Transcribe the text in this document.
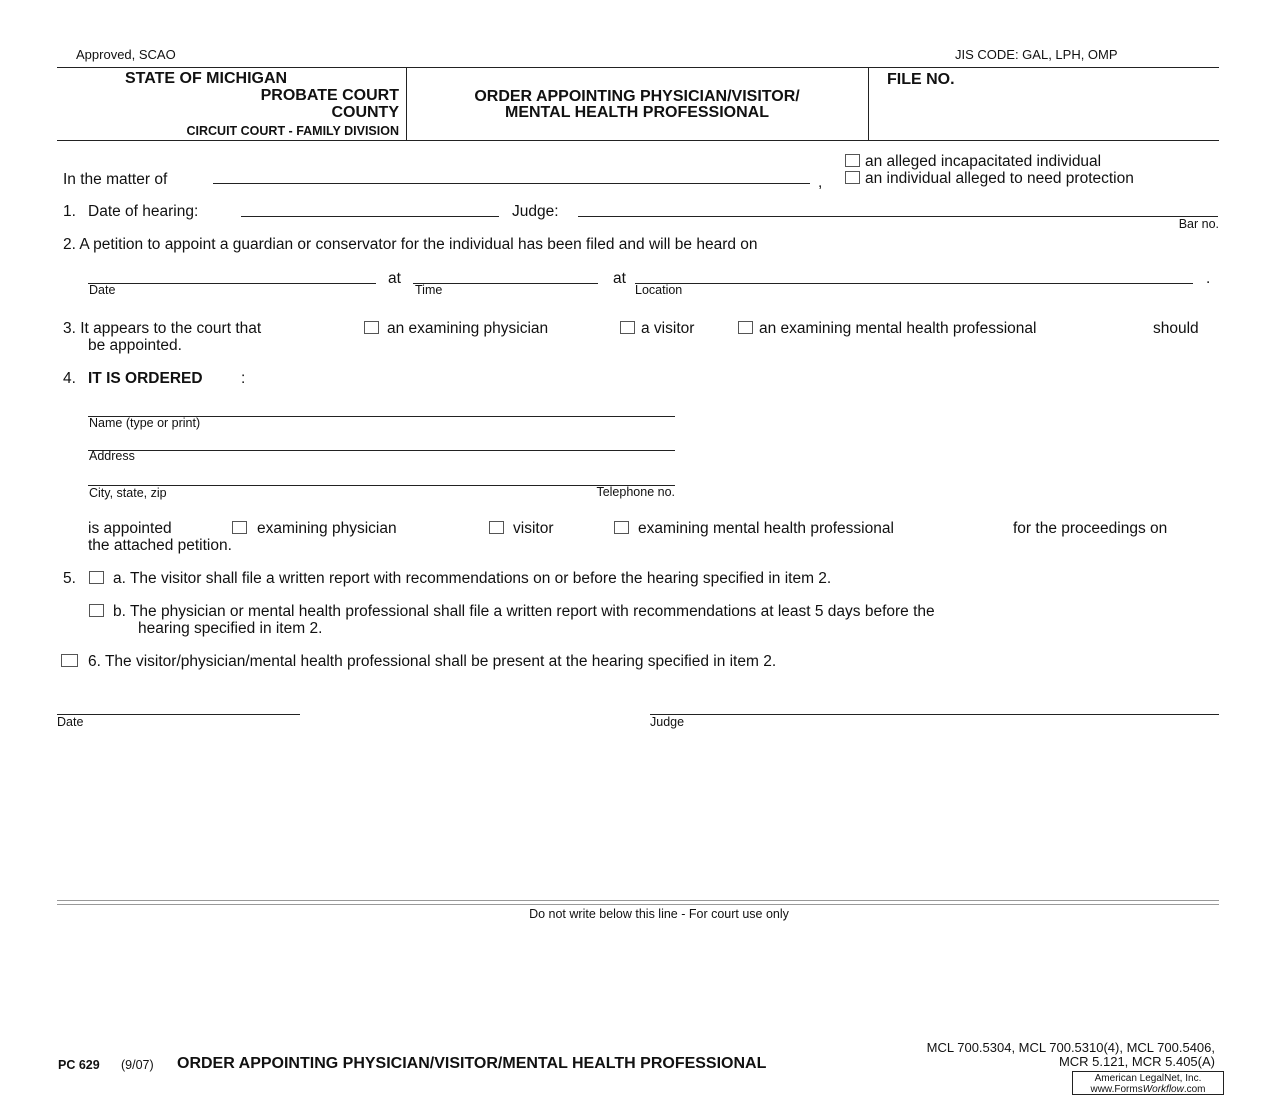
Approved, SCAO	JIS CODE: GAL, LPH, OMP
STATE OF MICHIGAN
PROBATE COURT
COUNTY
CIRCUIT COURT - FAMILY DIVISION
ORDER APPOINTING PHYSICIAN/VISITOR/
MENTAL HEALTH PROFESSIONAL
FILE NO.
In the matter of	,
an alleged incapacitated individual
an individual alleged to need protection
1. Date of hearing:	Judge:
Bar no.
2. A petition to appoint a guardian or conservator for the individual has been filed and will be heard on
at	at	.
Date	Time	Location
3. It appears to the court that	an examining physician	a visitor	an examining mental health professional	should
be appointed.
4. IT IS ORDERED :
Name (type or print)
Address
City, state, zip	Telephone no.
is appointed	examining physician	visitor	examining mental health professional	for the proceedings on
the attached petition.
5. a. The visitor shall file a written report with recommendations on or before the hearing specified in item 2.
b. The physician or mental health professional shall file a written report with recommendations at least 5 days before the
hearing specified in item 2.
6. The visitor/physician/mental health professional shall be present at the hearing specified in item 2.
Date	Judge
Do not write below this line - For court use only
PC 629 (9/07) ORDER APPOINTING PHYSICIAN/VISITOR/MENTAL HEALTH PROFESSIONAL
MCL 700.5304, MCL 700.5310(4), MCL 700.5406,
MCR 5.121, MCR 5.405(A)
American LegalNet, Inc.
www.FormsWorkflow.com
